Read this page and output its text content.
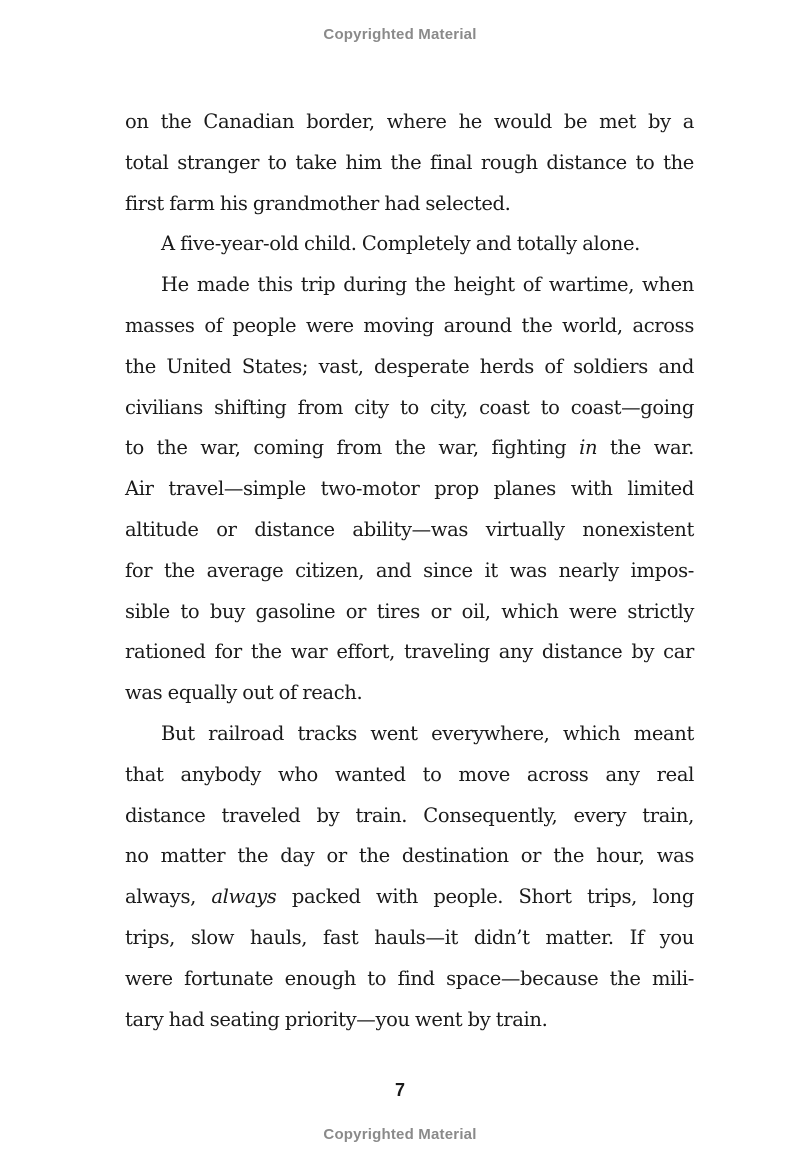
Copyrighted Material
on the Canadian border, where he would be met by a
total stranger to take him the final rough distance to the
first farm his grandmother had selected.
A five-year-old child. Completely and totally alone.
He made this trip during the height of wartime, when
masses of people were moving around the world, across
the United States; vast, desperate herds of soldiers and
civilians shifting from city to city, coast to coast—going
to the war, coming from the war, fighting in the war.
Air travel—simple two-motor prop planes with limited
altitude or distance ability—was virtually nonexistent
for the average citizen, and since it was nearly impos-
sible to buy gasoline or tires or oil, which were strictly
rationed for the war effort, traveling any distance by car
was equally out of reach.
But railroad tracks went everywhere, which meant
that anybody who wanted to move across any real
distance traveled by train. Consequently, every train,
no matter the day or the destination or the hour, was
always, always packed with people. Short trips, long
trips, slow hauls, fast hauls—it didn’t matter. If you
were fortunate enough to find space—because the mili-
tary had seating priority—you went by train.
7
Copyrighted Material
